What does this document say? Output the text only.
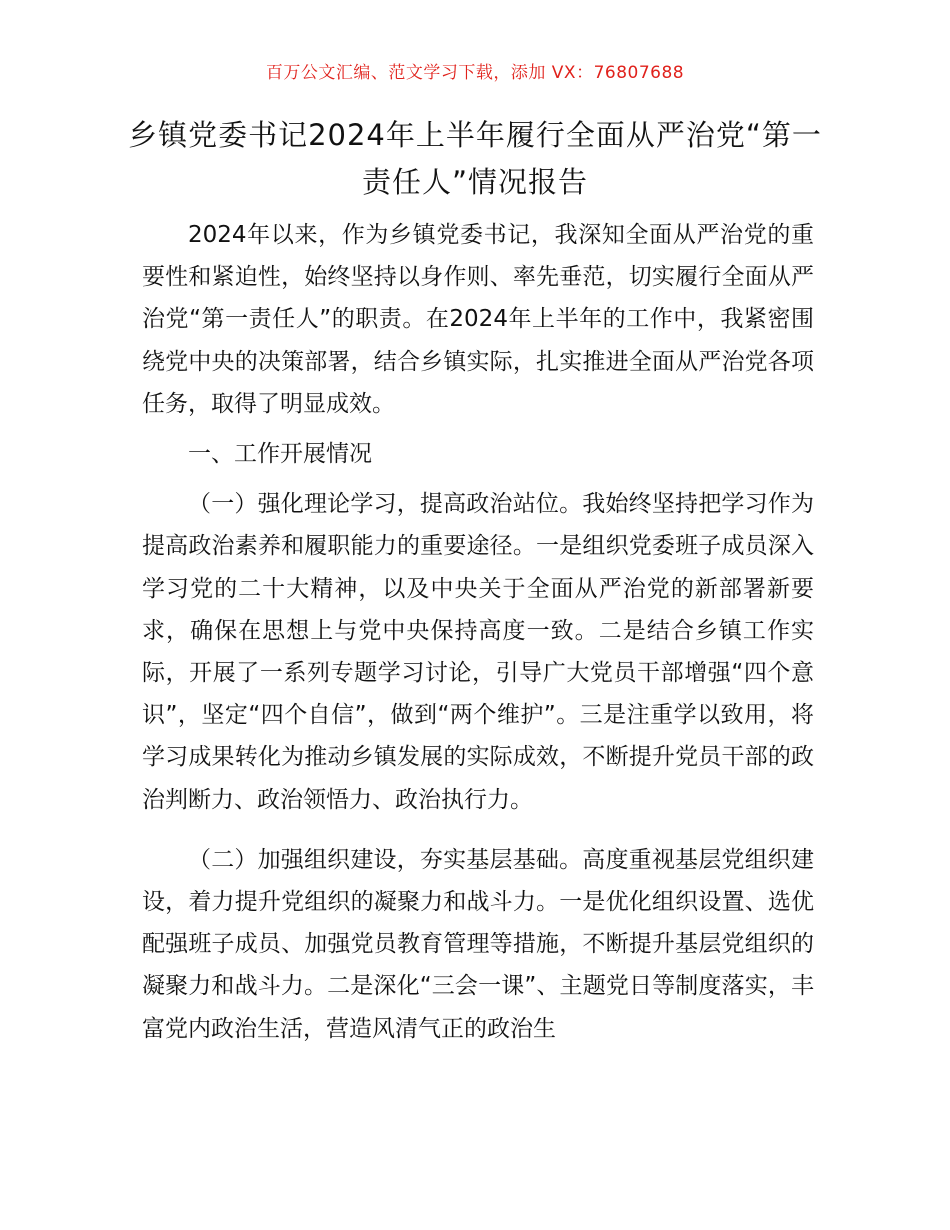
百万公文汇编、范文学习下载，添加 VX：76807688
乡镇党委书记2024年上半年履行全面从严治党“第一责任人”情况报告

2024年以来，作为乡镇党委书记，我深知全面从严治党的重要性和紧迫性，始终坚持以身作则、率先垂范，切实履行全面从严治党“第一责任人”的职责。在2024年上半年的工作中，我紧密围绕党中央的决策部署，结合乡镇实际，扎实推进全面从严治党各项任务，取得了明显成效。

一、工作开展情况

（一）强化理论学习，提高政治站位。我始终坚持把学习作为提高政治素养和履职能力的重要途径。一是组织党委班子成员深入学习党的二十大精神，以及中央关于全面从严治党的新部署新要求，确保在思想上与党中央保持高度一致。二是结合乡镇工作实际，开展了一系列专题学习讨论，引导广大党员干部增强“四个意识”，坚定“四个自信”，做到“两个维护”。三是注重学以致用，将学习成果转化为推动乡镇发展的实际成效，不断提升党员干部的政治判断力、政治领悟力、政治执行力。

（二）加强组织建设，夯实基层基础。高度重视基层党组织建设，着力提升党组织的凝聚力和战斗力。一是优化组织设置、选优配强班子成员、加强党员教育管理等措施，不断提升基层党组织的凝聚力和战斗力。二是深化“三会一课”、主题党日等制度落实，丰富党内政治生活，营造风清气正的政治生
